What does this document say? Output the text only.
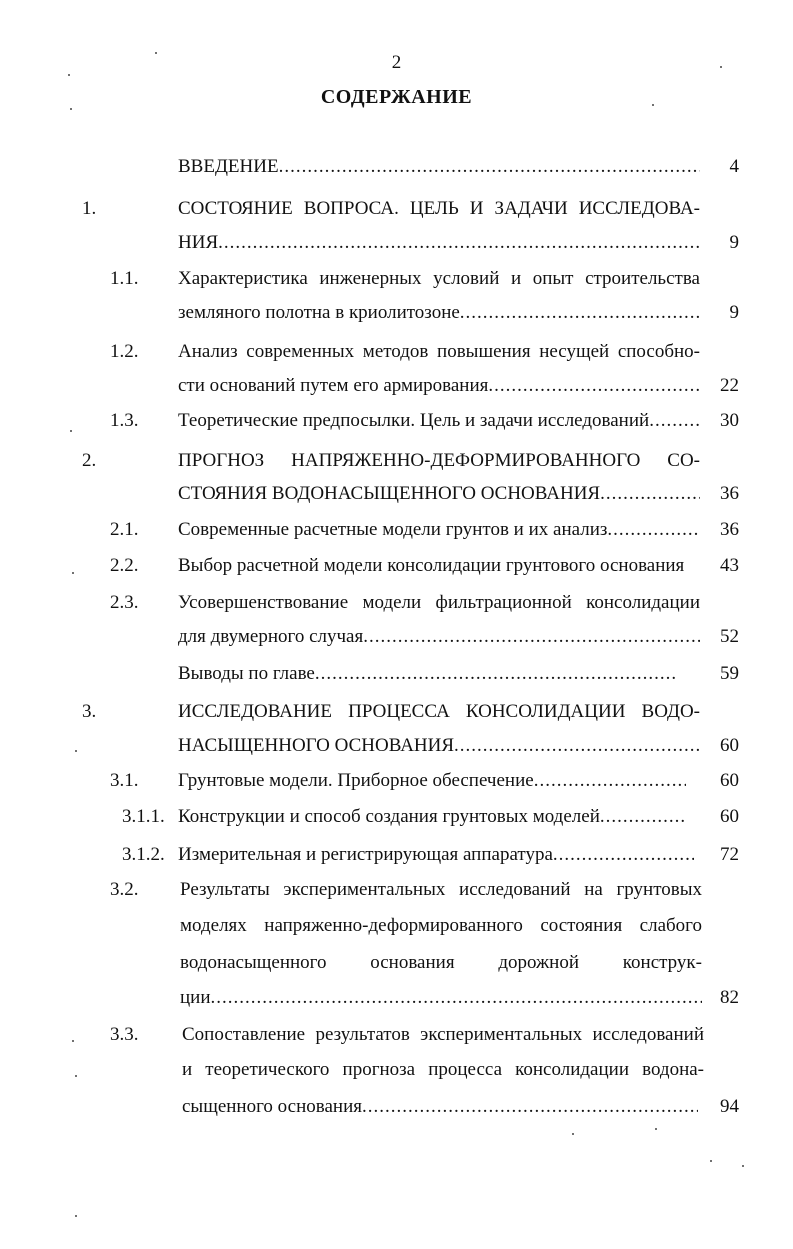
2
СОДЕРЖАНИЕ
ВВЕДЕНИЕ .....	4
1.	СОСТОЯНИЕ ВОПРОСА. ЦЕЛЬ И ЗАДАЧИ ИССЛЕДОВА-
НИЯ .....	9
1.1. Характеристика инженерных условий и опыт строительства
земляного полотна в криолитозоне .....	9
1.2. Анализ современных методов повышения несущей способно-
сти оснований путем его армирования .....	22
1.3. Теоретические предпосылки. Цель и задачи исследований .....	30
2.	ПРОГНОЗ НАПРЯЖЕННО-ДЕФОРМИРОВАННОГО СО-
СТОЯНИЯ ВОДОНАСЫЩЕННОГО ОСНОВАНИЯ .....	36
2.1. Современные расчетные модели грунтов и их анализ .....	36
2.2. Выбор расчетной модели консолидации грунтового основания	43
2.3. Усовершенствование модели фильтрационной консолидации
для двумерного случая .....	52
Выводы по главе .....	59
3.	ИССЛЕДОВАНИЕ ПРОЦЕССА КОНСОЛИДАЦИИ ВОДО-
НАСЫЩЕННОГО ОСНОВАНИЯ .....	60
3.1. Грунтовые модели. Приборное обеспечение .....	60
3.1.1. Конструкции и способ создания грунтовых моделей .....	60
3.1.2. Измерительная и регистрирующая аппаратура .....	72
3.2. Результаты экспериментальных исследований на грунтовых
моделях напряженно-деформированного состояния слабого
водонасыщенного основания дорожной конструк-
ции .....	82
3.3. Сопоставление результатов экспериментальных исследований
и теоретического прогноза процесса консолидации водона-
сыщенного основания .....	94
